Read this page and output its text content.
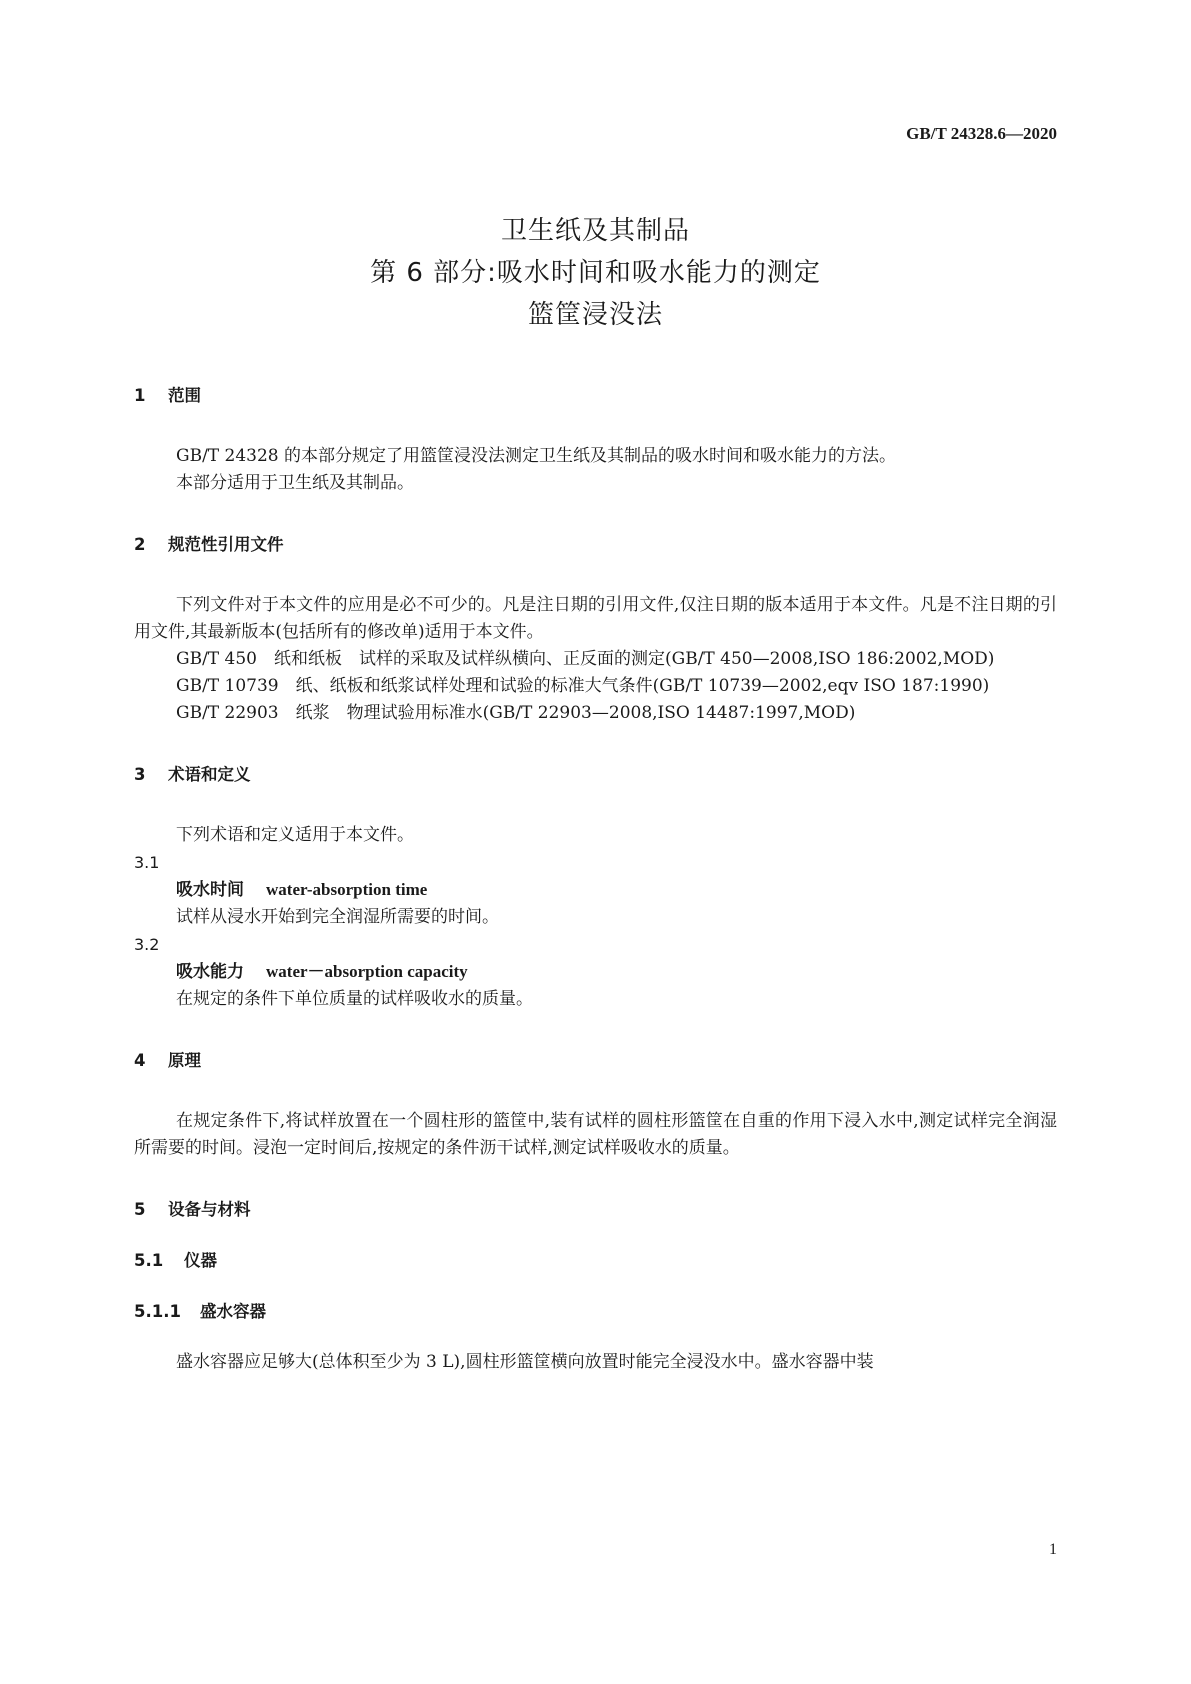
GB/T 24328.6—2020

卫生纸及其制品

第 6 部分:吸水时间和吸水能力的测定

篮筐浸没法

1	范围

GB/T 24328 的本部分规定了用篮筐浸没法测定卫生纸及其制品的吸水时间和吸水能力的方法。

本部分适用于卫生纸及其制品。

2	规范性引用文件

下列文件对于本文件的应用是必不可少的。凡是注日期的引用文件,仅注日期的版本适用于本文件。凡是不注日期的引用文件,其最新版本(包括所有的修改单)适用于本文件。

GB/T 450　纸和纸板　试样的采取及试样纵横向、正反面的测定(GB/T 450—2008,ISO 186:2002,MOD)

GB/T 10739　纸、纸板和纸浆试样处理和试验的标准大气条件(GB/T 10739—2002,eqv ISO 187:1990)

GB/T 22903　纸浆　物理试验用标准水(GB/T 22903—2008,ISO 14487:1997,MOD)

3	术语和定义

下列术语和定义适用于本文件。

3.1

吸水时间 water-absorption time

试样从浸水开始到完全润湿所需要的时间。

3.2

吸水能力 water－absorption capacity

在规定的条件下单位质量的试样吸收水的质量。

4	原理

在规定条件下,将试样放置在一个圆柱形的篮筐中,装有试样的圆柱形篮筐在自重的作用下浸入水中,测定试样完全润湿所需要的时间。浸泡一定时间后,按规定的条件沥干试样,测定试样吸收水的质量。

5	设备与材料
5.1	仪器
5.1.1	盛水容器

盛水容器应足够大(总体积至少为 3 L),圆柱形篮筐横向放置时能完全浸没水中。盛水容器中装

1
